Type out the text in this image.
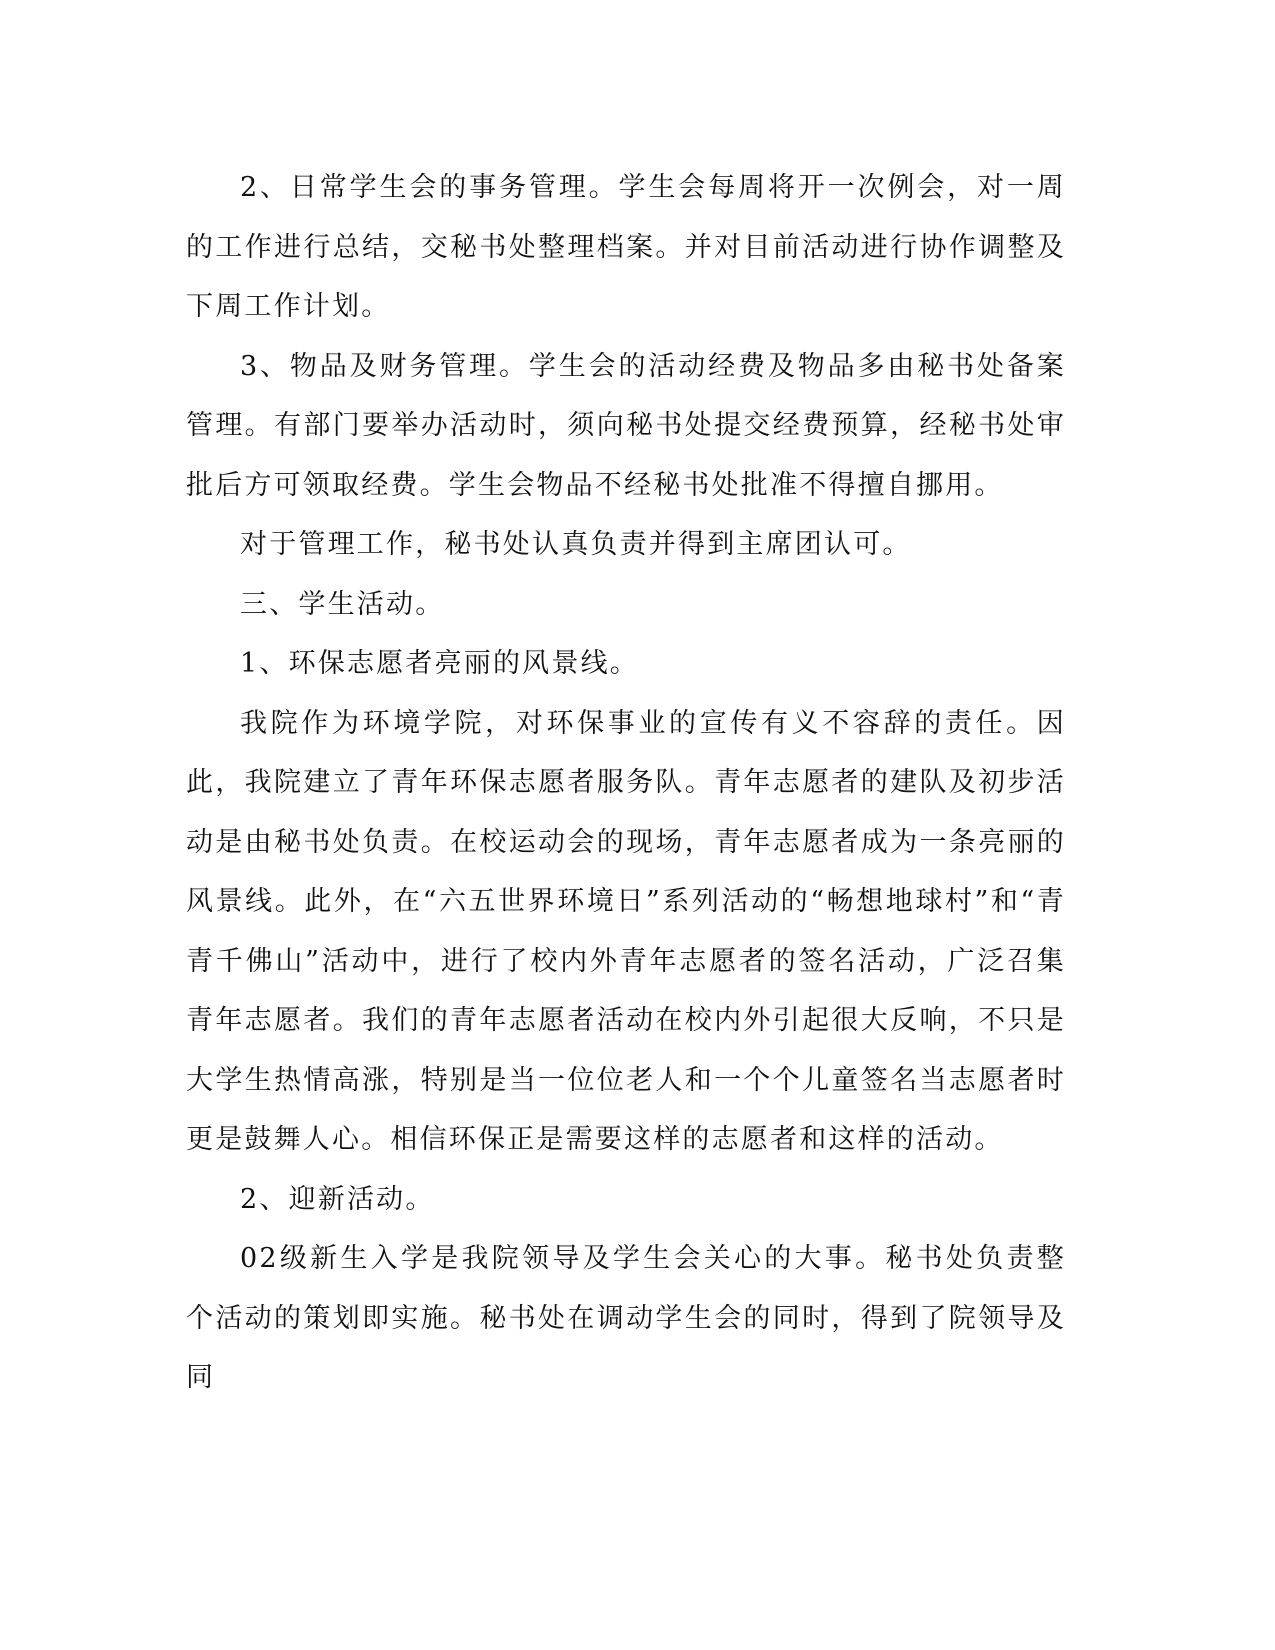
2、日常学生会的事务管理。学生会每周将开一次例会，对一周的工作进行总结，交秘书处整理档案。并对目前活动进行协作调整及下周工作计划。

3、物品及财务管理。学生会的活动经费及物品多由秘书处备案管理。有部门要举办活动时，须向秘书处提交经费预算，经秘书处审批后方可领取经费。学生会物品不经秘书处批准不得擅自挪用。

对于管理工作，秘书处认真负责并得到主席团认可。

三、学生活动。

1、环保志愿者亮丽的风景线。

我院作为环境学院，对环保事业的宣传有义不容辞的责任。因此，我院建立了青年环保志愿者服务队。青年志愿者的建队及初步活动是由秘书处负责。在校运动会的现场，青年志愿者成为一条亮丽的风景线。此外，在“六五世界环境日”系列活动的“畅想地球村”和“青青千佛山”活动中，进行了校内外青年志愿者的签名活动，广泛召集青年志愿者。我们的青年志愿者活动在校内外引起很大反响，不只是大学生热情高涨，特别是当一位位老人和一个个儿童签名当志愿者时更是鼓舞人心。相信环保正是需要这样的志愿者和这样的活动。

2、迎新活动。

02级新生入学是我院领导及学生会关心的大事。秘书处负责整个活动的策划即实施。秘书处在调动学生会的同时，得到了院领导及同
